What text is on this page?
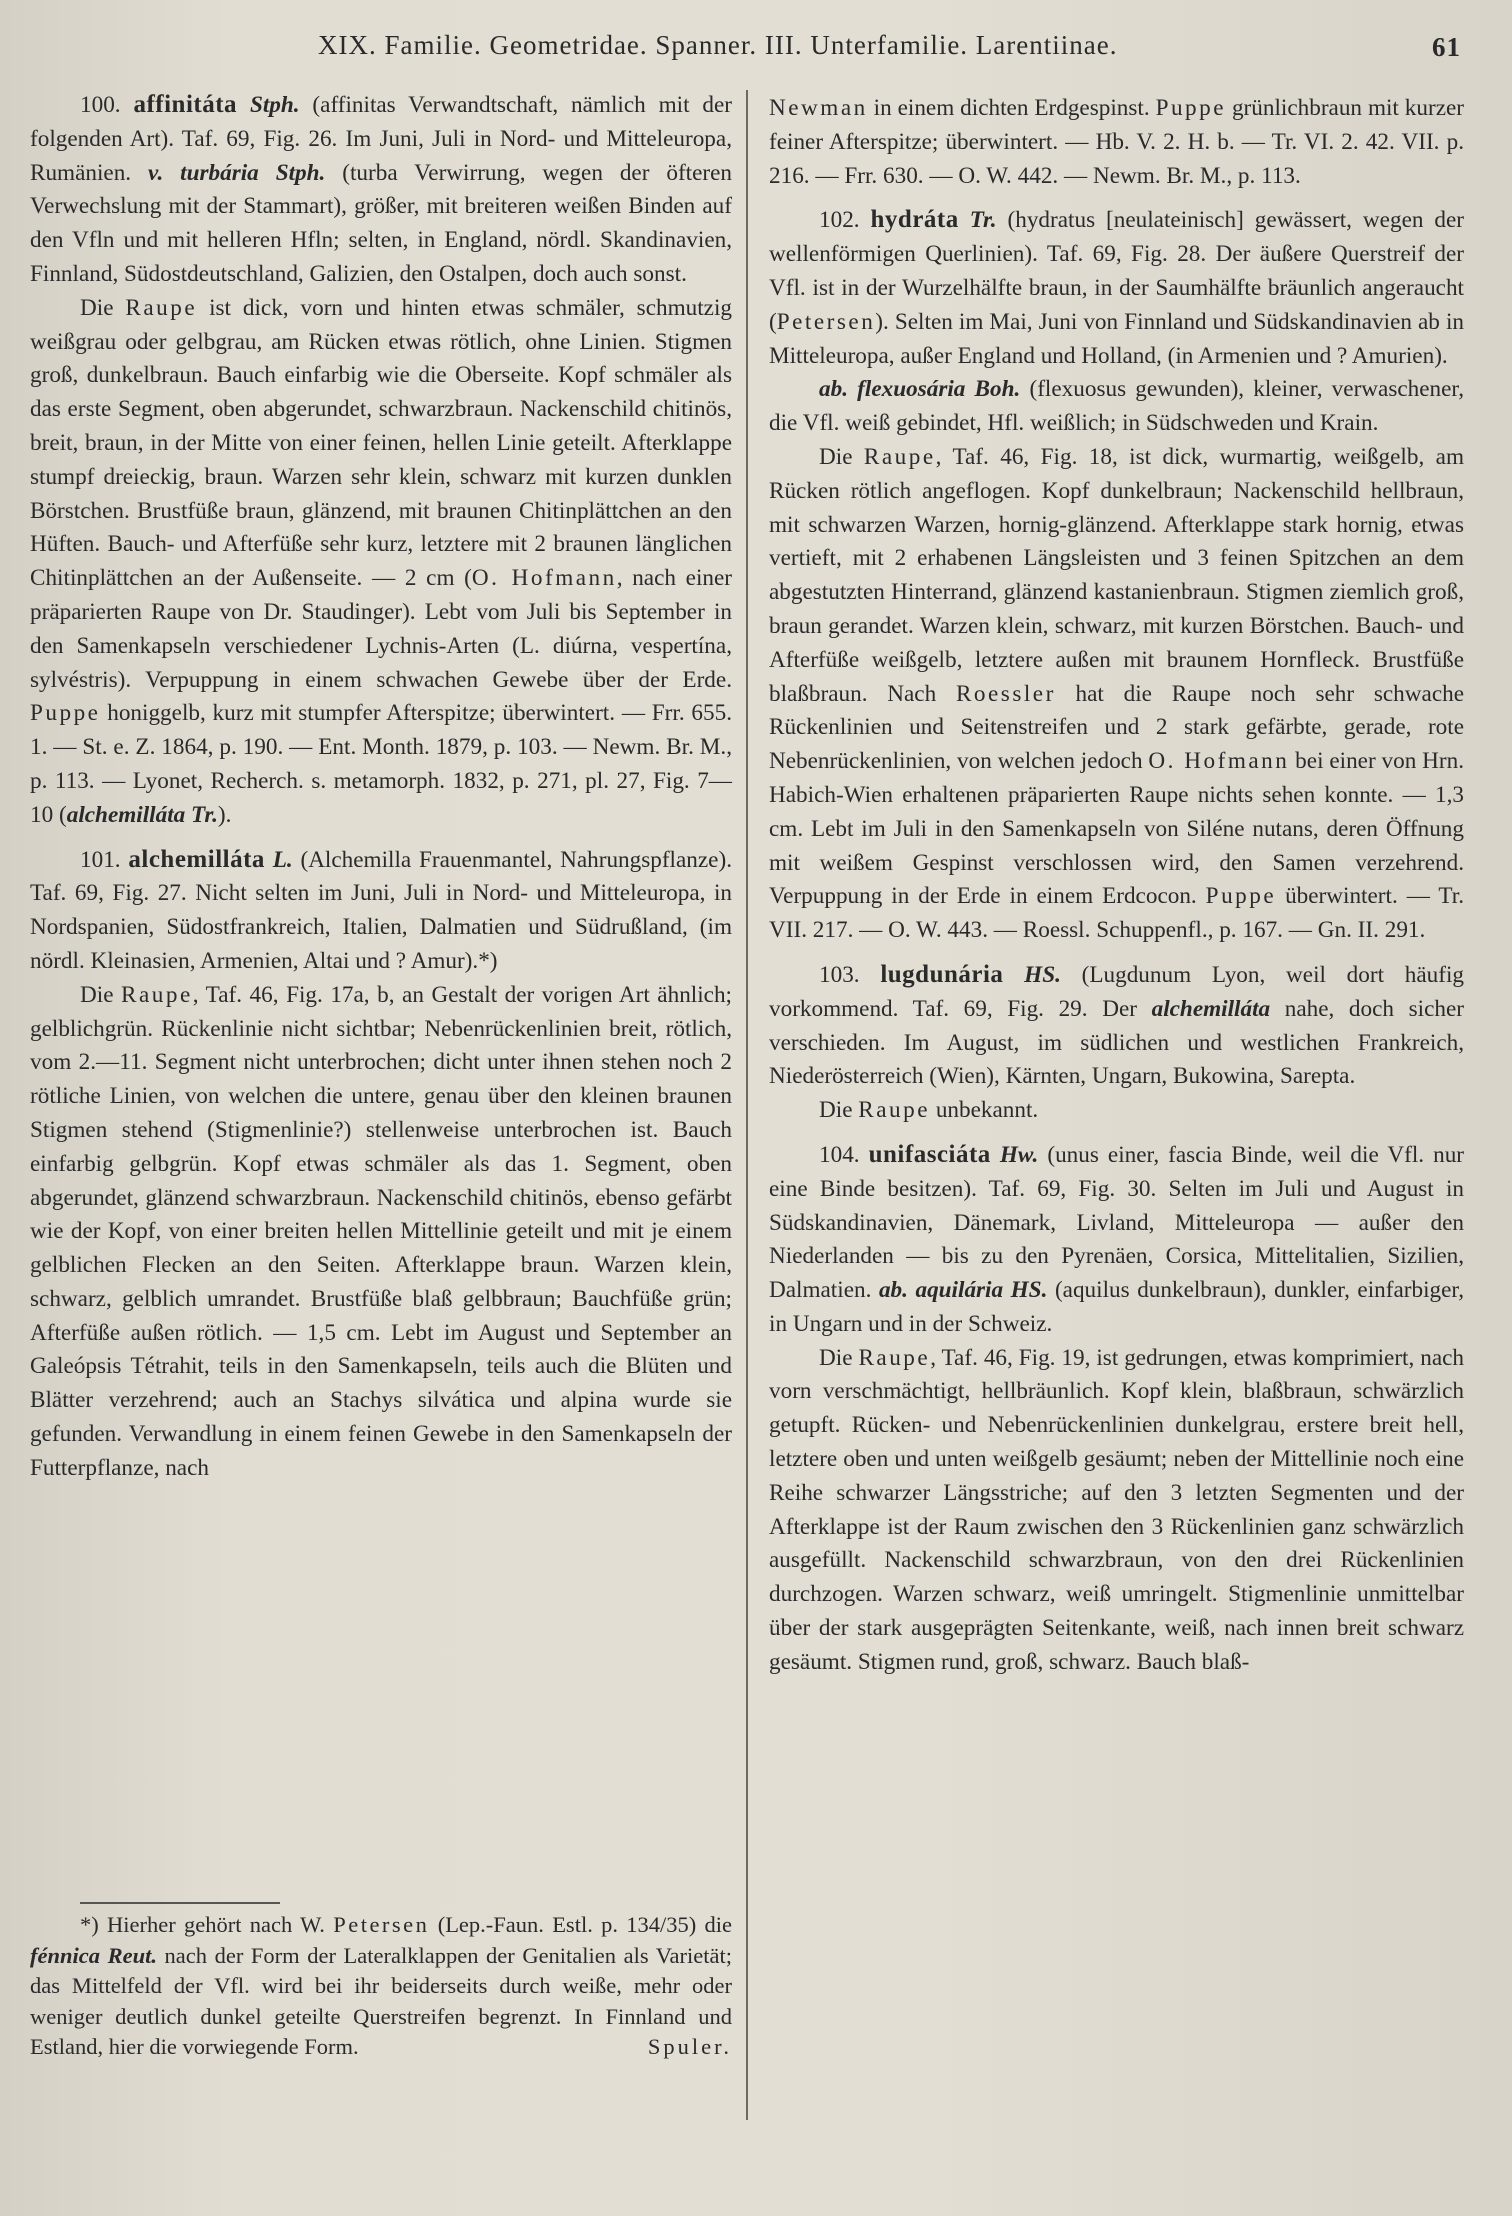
XIX. Familie. Geometridae. Spanner. III. Unterfamilie. Larentiinae.	61

100. affinitáta Stph. (affinitas Verwandtschaft, nämlich mit der folgenden Art). Taf. 69, Fig. 26. Im Juni, Juli in Nord- und Mitteleuropa, Rumänien. v. turbária Stph. (turba Verwirrung, wegen der öfteren Verwechslung mit der Stammart), größer, mit breiteren weißen Binden auf den Vfln und mit helleren Hfln; selten, in England, nördl. Skandinavien, Finnland, Südostdeutschland, Galizien, den Ostalpen, doch auch sonst.

Die Raupe ist dick, vorn und hinten etwas schmäler, schmutzig weißgrau oder gelbgrau, am Rücken etwas rötlich, ohne Linien. Stigmen groß, dunkelbraun. Bauch einfarbig wie die Oberseite. Kopf schmäler als das erste Segment, oben abgerundet, schwarzbraun. Nackenschild chitinös, breit, braun, in der Mitte von einer feinen, hellen Linie geteilt. Afterklappe stumpf dreieckig, braun. Warzen sehr klein, schwarz mit kurzen dunklen Börstchen. Brustfüße braun, glänzend, mit braunen Chitinplättchen an den Hüften. Bauch- und Afterfüße sehr kurz, letztere mit 2 braunen länglichen Chitinplättchen an der Außenseite. — 2 cm (O. Hofmann, nach einer präparierten Raupe von Dr. Staudinger). Lebt vom Juli bis September in den Samenkapseln verschiedener Lychnis-Arten (L. diúrna, vespertína, sylvéstris). Verpuppung in einem schwachen Gewebe über der Erde. Puppe honiggelb, kurz mit stumpfer Afterspitze; überwintert. — Frr. 655. 1. — St. e. Z. 1864, p. 190. — Ent. Month. 1879, p. 103. — Newm. Br. M., p. 113. — Lyonet, Recherch. s. metamorph. 1832, p. 271, pl. 27, Fig. 7—10 (alchemilláta Tr.).

101. alchemilláta L. (Alchemilla Frauenmantel, Nahrungspflanze). Taf. 69, Fig. 27. Nicht selten im Juni, Juli in Nord- und Mitteleuropa, in Nordspanien, Südostfrankreich, Italien, Dalmatien und Südrußland, (im nördl. Kleinasien, Armenien, Altai und ? Amur).*)

Die Raupe, Taf. 46, Fig. 17a, b, an Gestalt der vorigen Art ähnlich; gelblichgrün. Rückenlinie nicht sichtbar; Nebenrückenlinien breit, rötlich, vom 2.—11. Segment nicht unterbrochen; dicht unter ihnen stehen noch 2 rötliche Linien, von welchen die untere, genau über den kleinen braunen Stigmen stehend (Stigmenlinie?) stellenweise unterbrochen ist. Bauch einfarbig gelbgrün. Kopf etwas schmäler als das 1. Segment, oben abgerundet, glänzend schwarzbraun. Nackenschild chitinös, ebenso gefärbt wie der Kopf, von einer breiten hellen Mittellinie geteilt und mit je einem gelblichen Flecken an den Seiten. Afterklappe braun. Warzen klein, schwarz, gelblich umrandet. Brustfüße blaß gelbbraun; Bauchfüße grün; Afterfüße außen rötlich. — 1,5 cm. Lebt im August und September an Galeópsis Tétrahit, teils in den Samenkapseln, teils auch die Blüten und Blätter verzehrend; auch an Stachys silvática und alpina wurde sie gefunden. Verwandlung in einem feinen Gewebe in den Samenkapseln der Futterpflanze, nach

*) Hierher gehört nach W. Petersen (Lep.-Faun. Estl. p. 134/35) die fénnica Reut. nach der Form der Lateralklappen der Genitalien als Varietät; das Mittelfeld der Vfl. wird bei ihr beiderseits durch weiße, mehr oder weniger deutlich dunkel geteilte Querstreifen begrenzt. In Finnland und Estland, hier die vorwiegende Form.	Spuler.

Newman in einem dichten Erdgespinst. Puppe grünlichbraun mit kurzer feiner Afterspitze; überwintert. — Hb. V. 2. H. b. — Tr. VI. 2. 42. VII. p. 216. — Frr. 630. — O. W. 442. — Newm. Br. M., p. 113.

102. hydráta Tr. (hydratus [neulateinisch] gewässert, wegen der wellenförmigen Querlinien). Taf. 69, Fig. 28. Der äußere Querstreif der Vfl. ist in der Wurzelhälfte braun, in der Saumhälfte bräunlich angeraucht (Petersen). Selten im Mai, Juni von Finnland und Südskandinavien ab in Mitteleuropa, außer England und Holland, (in Armenien und ? Amurien).

ab. flexuosária Boh. (flexuosus gewunden), kleiner, verwaschener, die Vfl. weiß gebindet, Hfl. weißlich; in Südschweden und Krain.

Die Raupe, Taf. 46, Fig. 18, ist dick, wurmartig, weißgelb, am Rücken rötlich angeflogen. Kopf dunkelbraun; Nackenschild hellbraun, mit schwarzen Warzen, hornig-glänzend. Afterklappe stark hornig, etwas vertieft, mit 2 erhabenen Längsleisten und 3 feinen Spitzchen an dem abgestutzten Hinterrand, glänzend kastanienbraun. Stigmen ziemlich groß, braun gerandet. Warzen klein, schwarz, mit kurzen Börstchen. Bauch- und Afterfüße weißgelb, letztere außen mit braunem Hornfleck. Brustfüße blaßbraun. Nach Roessler hat die Raupe noch sehr schwache Rückenlinien und Seitenstreifen und 2 stark gefärbte, gerade, rote Nebenrückenlinien, von welchen jedoch O. Hofmann bei einer von Hrn. Habich-Wien erhaltenen präparierten Raupe nichts sehen konnte. — 1,3 cm. Lebt im Juli in den Samenkapseln von Siléne nutans, deren Öffnung mit weißem Gespinst verschlossen wird, den Samen verzehrend. Verpuppung in der Erde in einem Erdcocon. Puppe überwintert. — Tr. VII. 217. — O. W. 443. — Roessl. Schuppenfl., p. 167. — Gn. II. 291.

103. lugdunária HS. (Lugdunum Lyon, weil dort häufig vorkommend. Taf. 69, Fig. 29. Der alchemilláta nahe, doch sicher verschieden. Im August, im südlichen und westlichen Frankreich, Niederösterreich (Wien), Kärnten, Ungarn, Bukowina, Sarepta.

Die Raupe unbekannt.

104. unifasciáta Hw. (unus einer, fascia Binde, weil die Vfl. nur eine Binde besitzen). Taf. 69, Fig. 30. Selten im Juli und August in Südskandinavien, Dänemark, Livland, Mitteleuropa — außer den Niederlanden — bis zu den Pyrenäen, Corsica, Mittelitalien, Sizilien, Dalmatien. ab. aquilária HS. (aquilus dunkelbraun), dunkler, einfarbiger, in Ungarn und in der Schweiz.

Die Raupe, Taf. 46, Fig. 19, ist gedrungen, etwas komprimiert, nach vorn verschmächtigt, hellbräunlich. Kopf klein, blaßbraun, schwärzlich getupft. Rücken- und Nebenrückenlinien dunkelgrau, erstere breit hell, letztere oben und unten weißgelb gesäumt; neben der Mittellinie noch eine Reihe schwarzer Längsstriche; auf den 3 letzten Segmenten und der Afterklappe ist der Raum zwischen den 3 Rückenlinien ganz schwärzlich ausgefüllt. Nackenschild schwarzbraun, von den drei Rückenlinien durchzogen. Warzen schwarz, weiß umringelt. Stigmenlinie unmittelbar über der stark ausgeprägten Seitenkante, weiß, nach innen breit schwarz gesäumt. Stigmen rund, groß, schwarz. Bauch blaß-
